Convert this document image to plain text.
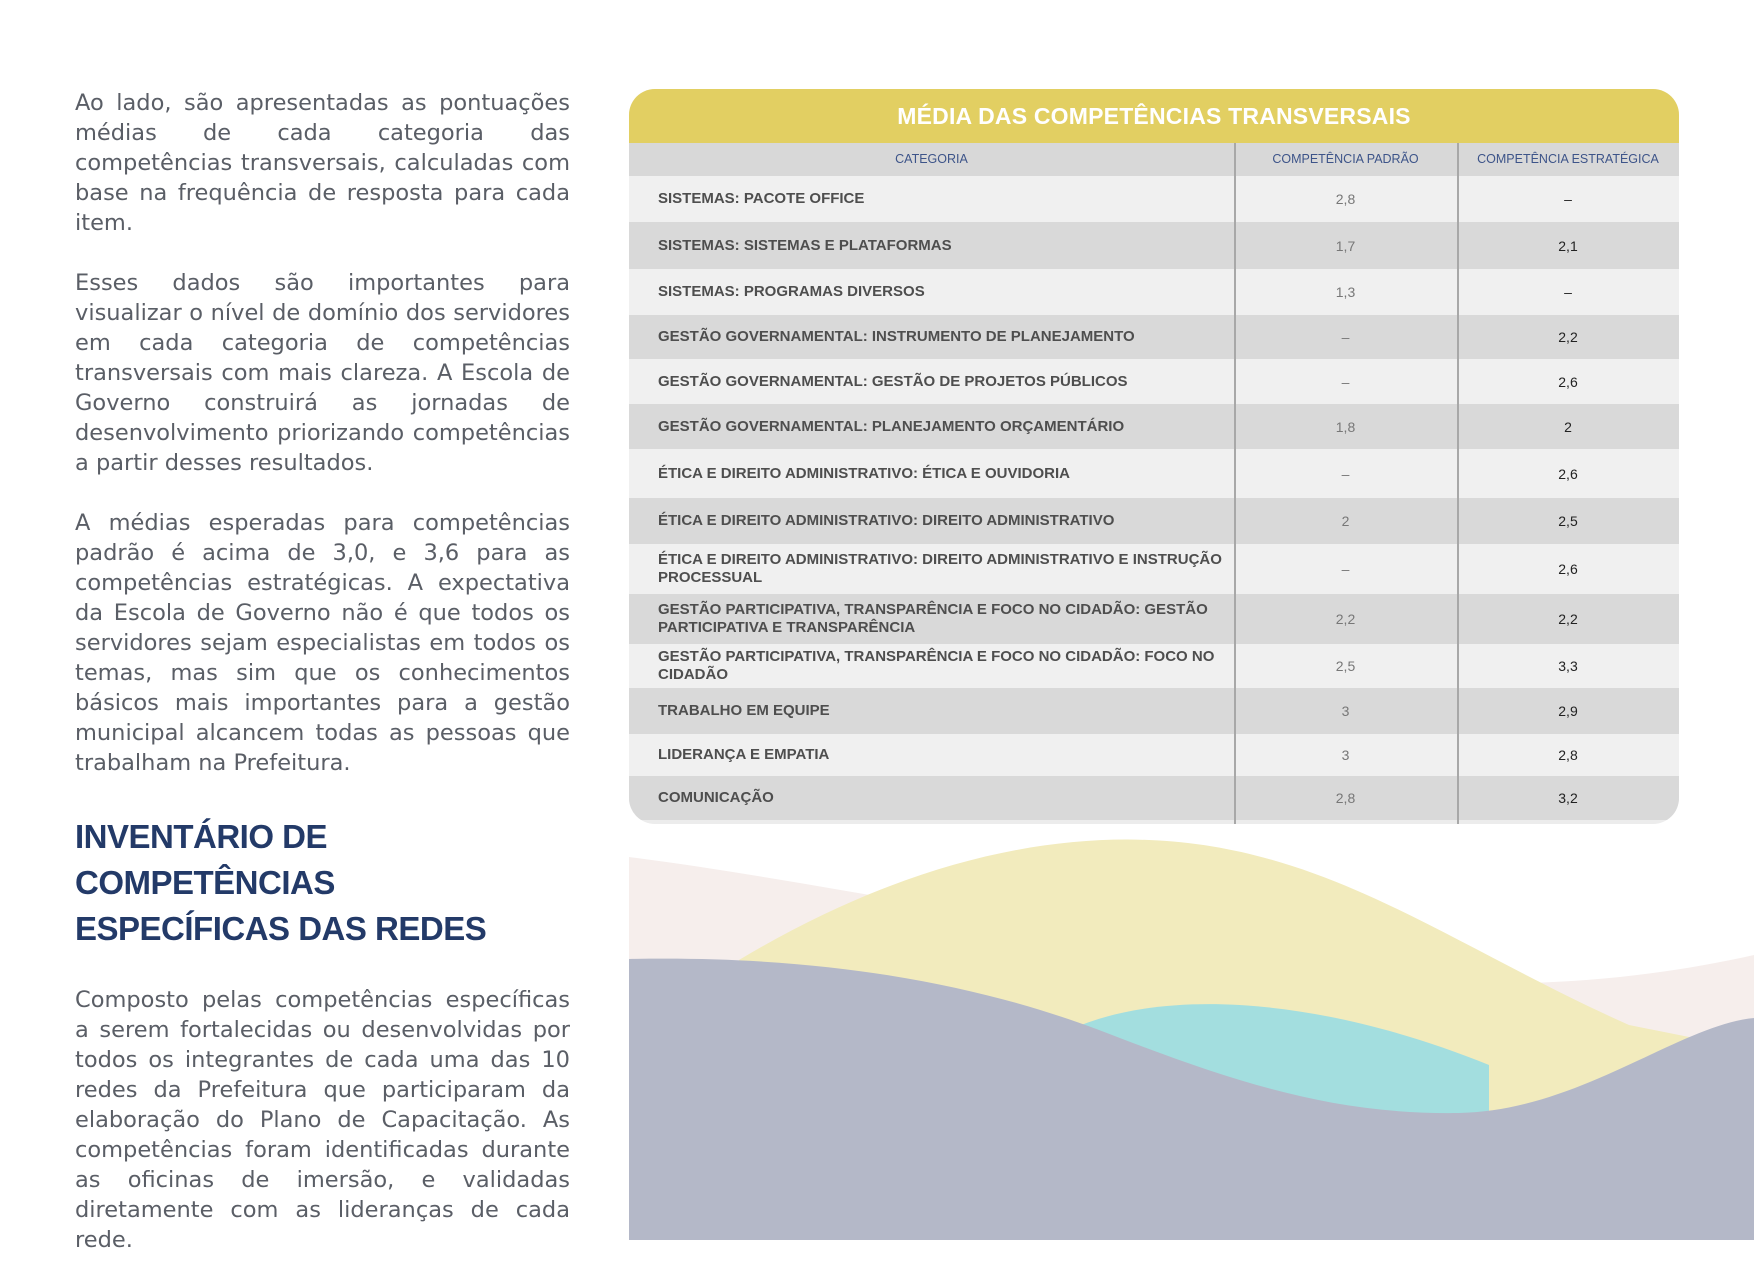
Ao lado, são apresentadas as pontuações médias de cada categoria das competências transversais, calculadas com base na frequência de resposta para cada item.

Esses dados são importantes para visualizar o nível de domínio dos servidores em cada categoria de competências transversais com mais clareza. A Escola de Governo construirá as jornadas de desenvolvimento priorizando competências a partir desses resultados.

A médias esperadas para competências padrão é acima de 3,0, e 3,6 para as competências estratégicas. A expectativa da Escola de Governo não é que todos os servidores sejam especialistas em todos os temas, mas sim que os conhecimentos básicos mais importantes para a gestão municipal alcancem todas as pessoas que trabalham na Prefeitura.

INVENTÁRIO DE COMPETÊNCIAS
ESPECÍFICAS DAS REDES

Composto pelas competências específicas a serem fortalecidas ou desenvolvidas por todos os integrantes de cada uma das 10 redes da Prefeitura que participaram da elaboração do Plano de Capacitação. As competências foram identificadas durante as oficinas de imersão, e validadas diretamente com as lideranças de cada rede.

MÉDIA DAS COMPETÊNCIAS TRANSVERSAIS
CATEGORIA	COMPETÊNCIA PADRÃO	COMPETÊNCIA ESTRATÉGICA
SISTEMAS: PACOTE OFFICE	2,8	–
SISTEMAS: SISTEMAS E PLATAFORMAS	1,7	2,1
SISTEMAS: PROGRAMAS DIVERSOS	1,3	–
GESTÃO GOVERNAMENTAL: INSTRUMENTO DE PLANEJAMENTO	–	2,2
GESTÃO GOVERNAMENTAL: GESTÃO DE PROJETOS PÚBLICOS	–	2,6
GESTÃO GOVERNAMENTAL: PLANEJAMENTO ORÇAMENTÁRIO	1,8	2
ÉTICA E DIREITO ADMINISTRATIVO: ÉTICA E OUVIDORIA	–	2,6
ÉTICA E DIREITO ADMINISTRATIVO: DIREITO ADMINISTRATIVO	2	2,5
ÉTICA E DIREITO ADMINISTRATIVO: DIREITO ADMINISTRATIVO E INSTRUÇÃO PROCESSUAL	–	2,6
GESTÃO PARTICIPATIVA, TRANSPARÊNCIA E FOCO NO CIDADÃO: GESTÃO PARTICIPATIVA E TRANSPARÊNCIA	2,2	2,2
GESTÃO PARTICIPATIVA, TRANSPARÊNCIA E FOCO NO CIDADÃO: FOCO NO CIDADÃO	2,5	3,3
TRABALHO EM EQUIPE	3	2,9
LIDERANÇA E EMPATIA	3	2,8
COMUNICAÇÃO	2,8	3,2
